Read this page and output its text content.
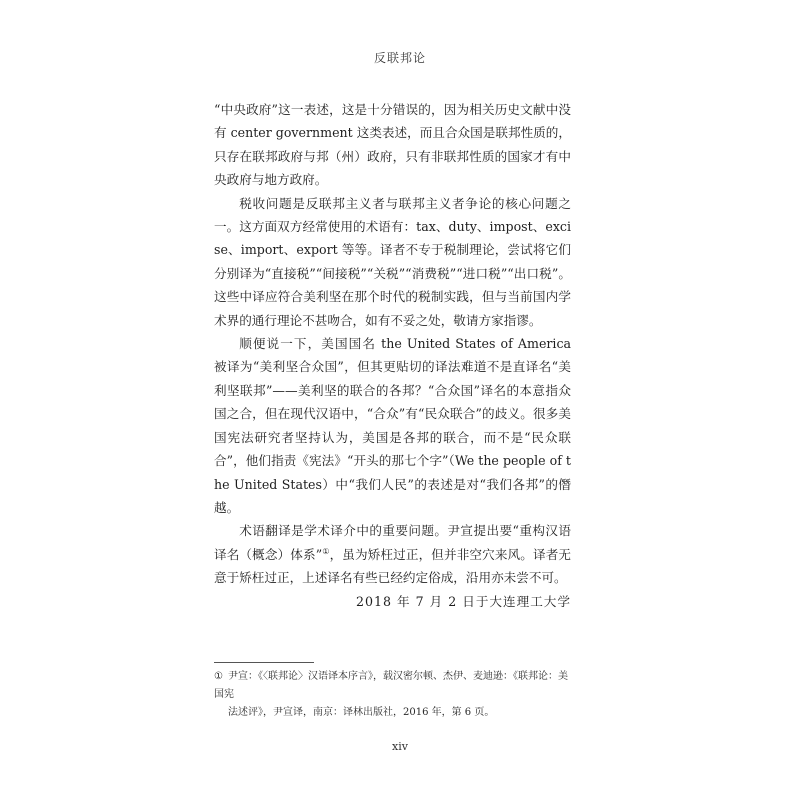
反联邦论

“中央政府”这一表述，这是十分错误的，因为相关历史文献中没有 center government 这类表述，而且合众国是联邦性质的，只存在联邦政府与邦（州）政府，只有非联邦性质的国家才有中央政府与地方政府。

税收问题是反联邦主义者与联邦主义者争论的核心问题之一。这方面双方经常使用的术语有：tax、duty、impost、excise、import、export 等等。译者不专于税制理论，尝试将它们分别译为“直接税”“间接税”“关税”“消费税”“进口税”“出口税”。这些中译应符合美利坚在那个时代的税制实践，但与当前国内学术界的通行理论不甚吻合，如有不妥之处，敬请方家指谬。

顺便说一下，美国国名 the United States of America 被译为“美利坚合众国”，但其更贴切的译法难道不是直译名“美利坚联邦”——美利坚的联合的各邦？“合众国”译名的本意指众国之合，但在现代汉语中，“合众”有“民众联合”的歧义。很多美国宪法研究者坚持认为，美国是各邦的联合，而不是“民众联合”，他们指责《宪法》“开头的那七个字”（We the people of the United States）中“我们人民”的表述是对“我们各邦”的僭越。

术语翻译是学术译介中的重要问题。尹宣提出要“重构汉语译名（概念）体系”①，虽为矫枉过正，但并非空穴来风。译者无意于矫枉过正，上述译名有些已经约定俗成，沿用亦未尝不可。

2018 年 7 月 2 日于大连理工大学

① 尹宣：《〈联邦论〉汉语译本序言》，载汉密尔顿、杰伊、麦迪逊：《联邦论：美国宪
法述评》，尹宣译，南京：译林出版社，2016 年，第 6 页。
xiv
